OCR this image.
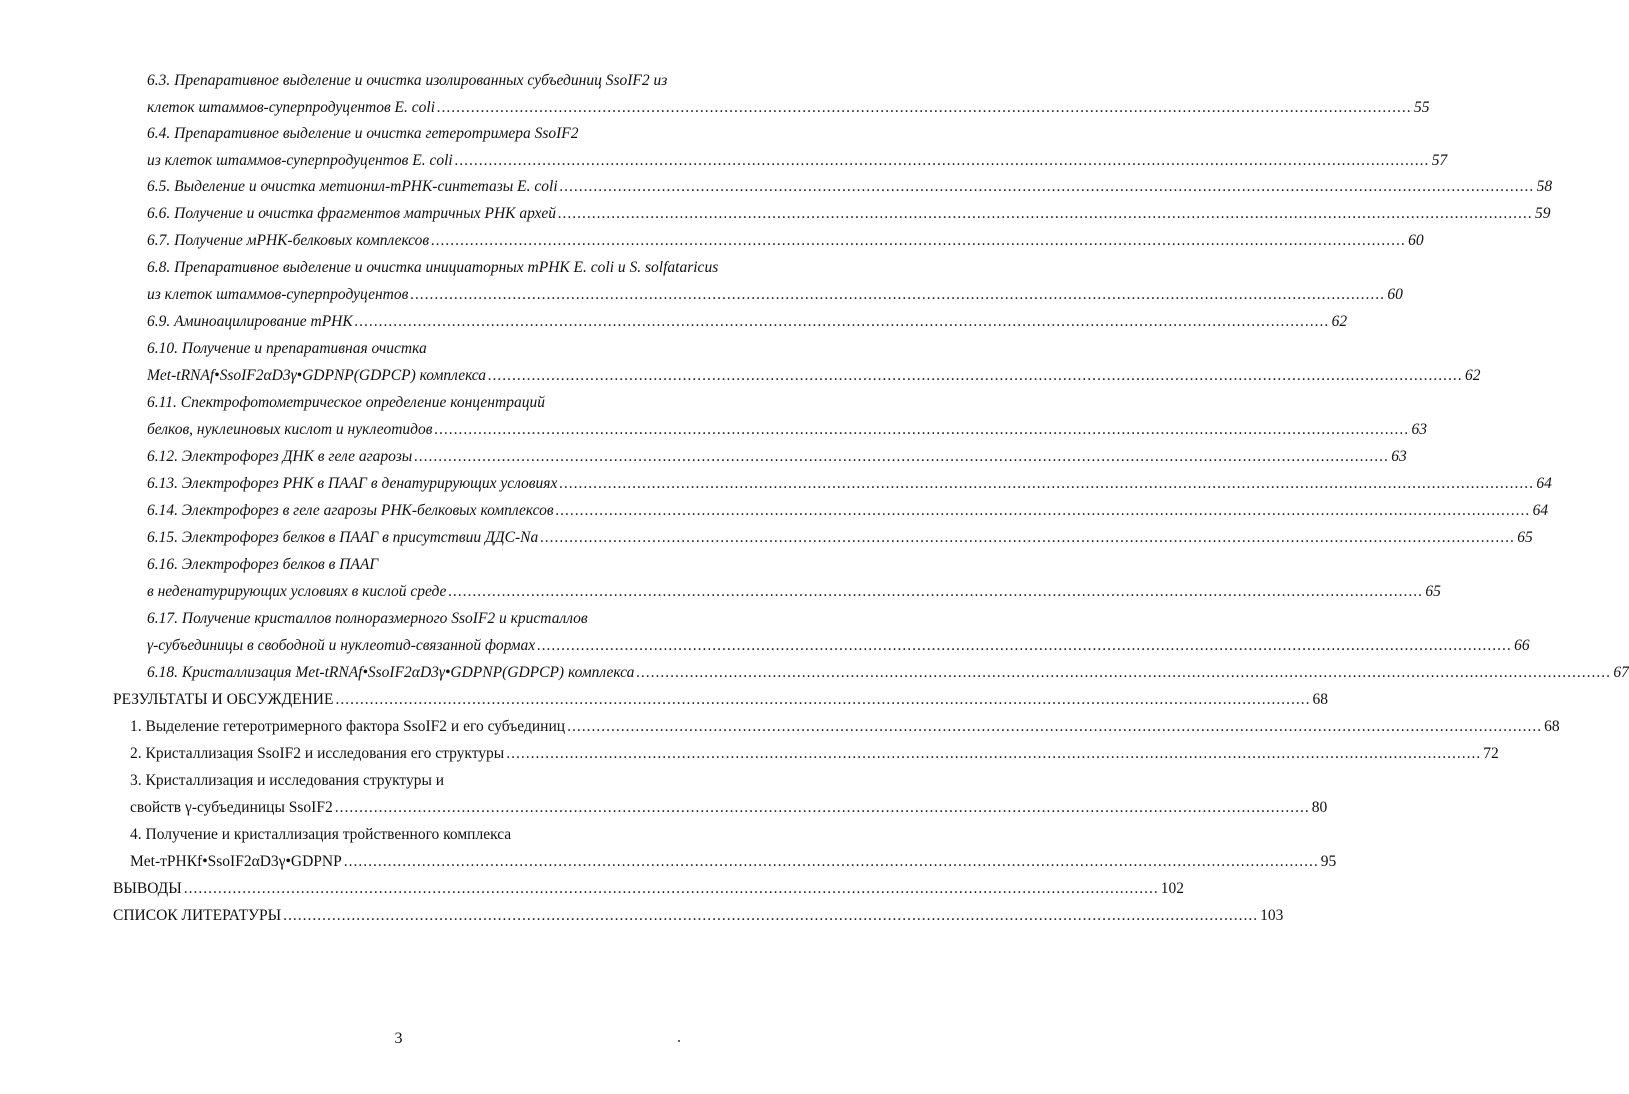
6.3. Препаративное выделение и очистка изолированных субъединиц SsoIF2 из
клеток штаммов-суперпродуцентов E. coli ........................................................................................................................................................................................................ 55
6.4. Препаративное выделение и очистка гетеротримера SsoIF2
из клеток штаммов-суперпродуцентов E. coli ........................................................................................................................................................................................................ 57
6.5. Выделение и очистка метионил-тРНК-синтетазы E. coli ........................................................................................................................................................................................................ 58
6.6. Получение и очистка фрагментов матричных РНК архей ........................................................................................................................................................................................................ 59
6.7. Получение мРНК-белковых комплексов ........................................................................................................................................................................................................ 60
6.8. Препаративное выделение и очистка инициаторных тРНК E. coli и S. solfataricus
из клеток штаммов-суперпродуцентов ........................................................................................................................................................................................................ 60
6.9. Аминоацилирование тРНК ........................................................................................................................................................................................................ 62
6.10. Получение и препаративная очистка
Met-tRNAf•SsoIF2αD3γ•GDPNP(GDPCP) комплекса ........................................................................................................................................................................................................ 62
6.11. Спектрофотометрическое определение концентраций
белков, нуклеиновых кислот и нуклеотидов ........................................................................................................................................................................................................ 63
6.12. Электрофорез ДНК в геле агарозы ........................................................................................................................................................................................................ 63
6.13. Электрофорез РНК в ПААГ в денатурирующих условиях ........................................................................................................................................................................................................ 64
6.14. Электрофорез в геле агарозы РНК-белковых комплексов ........................................................................................................................................................................................................ 64
6.15. Электрофорез белков в ПААГ в присутствии ДДС-Na ........................................................................................................................................................................................................ 65
6.16. Электрофорез белков в ПААГ
в неденатурирующих условиях в кислой среде ........................................................................................................................................................................................................ 65
6.17. Получение кристаллов полноразмерного SsoIF2 и кристаллов
γ-субъединицы в свободной и нуклеотид-связанной формах ........................................................................................................................................................................................................ 66
6.18. Кристаллизация Met-tRNAf•SsoIF2αD3γ•GDPNP(GDPCP) комплекса ........................................................................................................................................................................................................ 67
РЕЗУЛЬТАТЫ И ОБСУЖДЕНИЕ ........................................................................................................................................................................................................ 68
1. Выделение гетеротримерного фактора SsoIF2 и его субъединиц ........................................................................................................................................................................................................ 68
2. Кристаллизация SsoIF2 и исследования его структуры ........................................................................................................................................................................................................ 72
3. Кристаллизация и исследования структуры и
свойств γ-субъединицы SsoIF2 ........................................................................................................................................................................................................ 80
4. Получение и кристаллизация тройственного комплекса
Met-тРНКf•SsoIF2αD3γ•GDPNP ........................................................................................................................................................................................................ 95
ВЫВОДЫ ........................................................................................................................................................................................................ 102
СПИСОК ЛИТЕРАТУРЫ ........................................................................................................................................................................................................ 103
3
